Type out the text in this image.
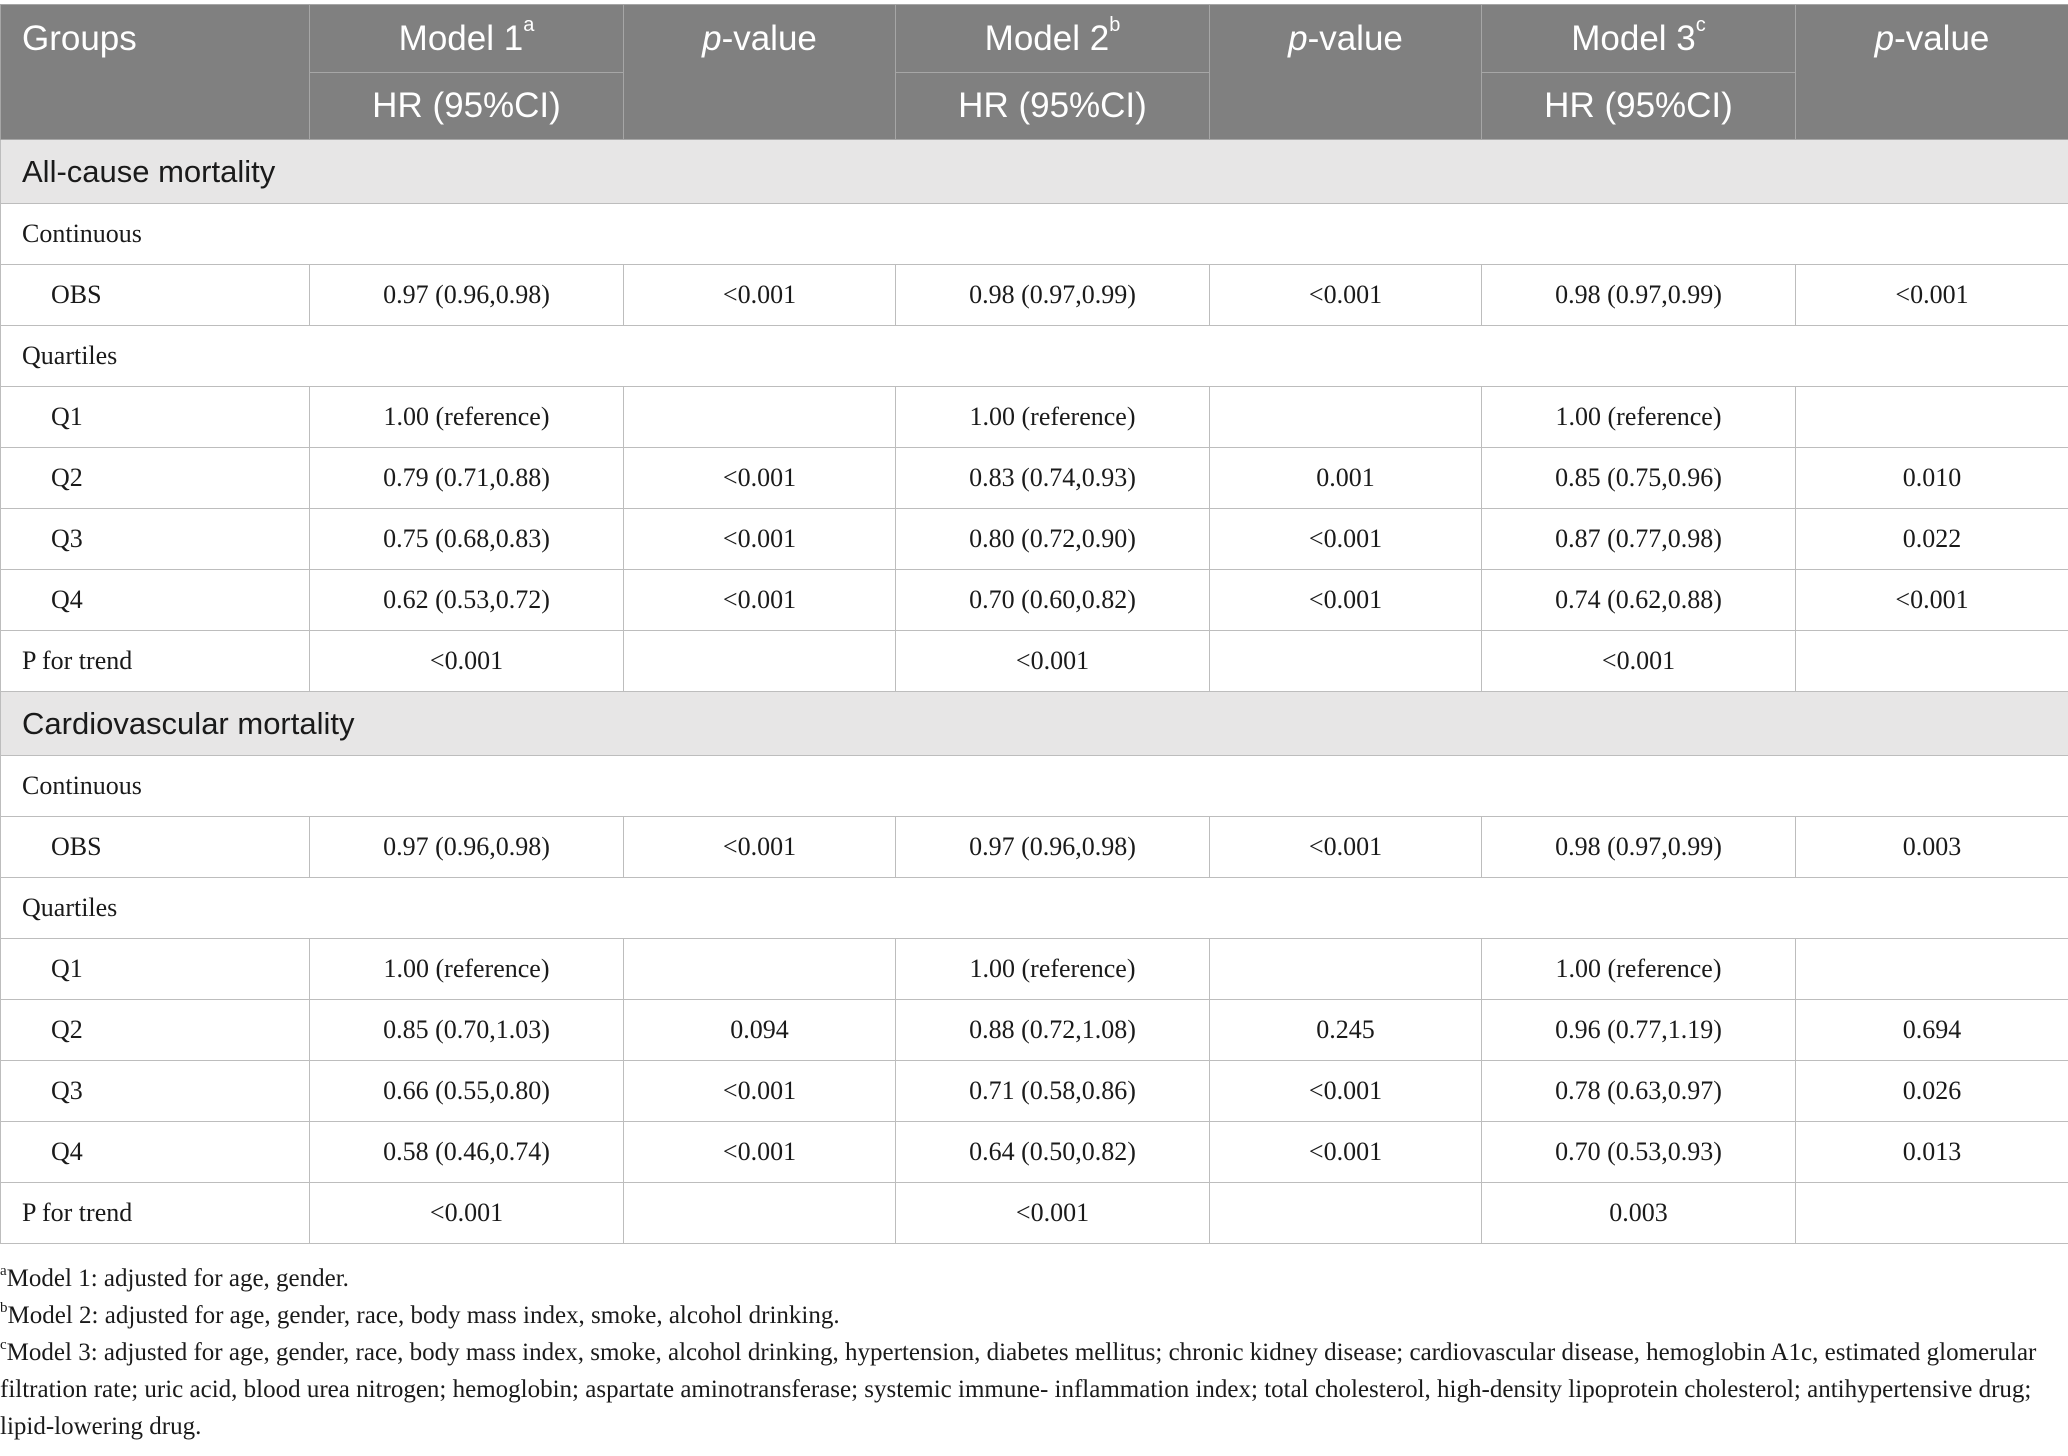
Groups	Model 1$^a$	p-value	Model 2$^b$	p-value	Model 3$^c$	p-value
	HR (95%CI)		HR (95%CI)		HR (95%CI)	
All-cause mortality						
Continuous						
OBS	0.97 (0.96,0.98)	<0.001	0.98 (0.97,0.99)	<0.001	0.98 (0.97,0.99)	<0.001
Quartiles						
Q1	1.00 (reference)		1.00 (reference)		1.00 (reference)	
Q2	0.79 (0.71,0.88)	<0.001	0.83 (0.74,0.93)	0.001	0.85 (0.75,0.96)	0.010
Q3	0.75 (0.68,0.83)	<0.001	0.80 (0.72,0.90)	<0.001	0.87 (0.77,0.98)	0.022
Q4	0.62 (0.53,0.72)	<0.001	0.70 (0.60,0.82)	<0.001	0.74 (0.62,0.88)	<0.001
P for trend	<0.001		<0.001		<0.001	
Cardiovascular mortality						
Continuous						
OBS	0.97 (0.96,0.98)	<0.001	0.97 (0.96,0.98)	<0.001	0.98 (0.97,0.99)	0.003
Quartiles						
Q1	1.00 (reference)		1.00 (reference)		1.00 (reference)	
Q2	0.85 (0.70,1.03)	0.094	0.88 (0.72,1.08)	0.245	0.96 (0.77,1.19)	0.694
Q3	0.66 (0.55,0.80)	<0.001	0.71 (0.58,0.86)	<0.001	0.78 (0.63,0.97)	0.026
Q4	0.58 (0.46,0.74)	<0.001	0.64 (0.50,0.82)	<0.001	0.70 (0.53,0.93)	0.013
P for trend	<0.001		<0.001		0.003	

$^a$Model 1: adjusted for age, gender.

$^b$Model 2: adjusted for age, gender, race, body mass index, smoke, alcohol drinking.

$^c$Model 3: adjusted for age, gender, race, body mass index, smoke, alcohol drinking, hypertension, diabetes mellitus; chronic kidney disease; cardiovascular disease, hemoglobin A1c, estimated glomerular filtration rate; uric acid, blood urea nitrogen; hemoglobin; aspartate aminotransferase; systemic immune- inflammation index; total cholesterol, high-density lipoprotein cholesterol; antihypertensive drug; lipid-lowering drug.
